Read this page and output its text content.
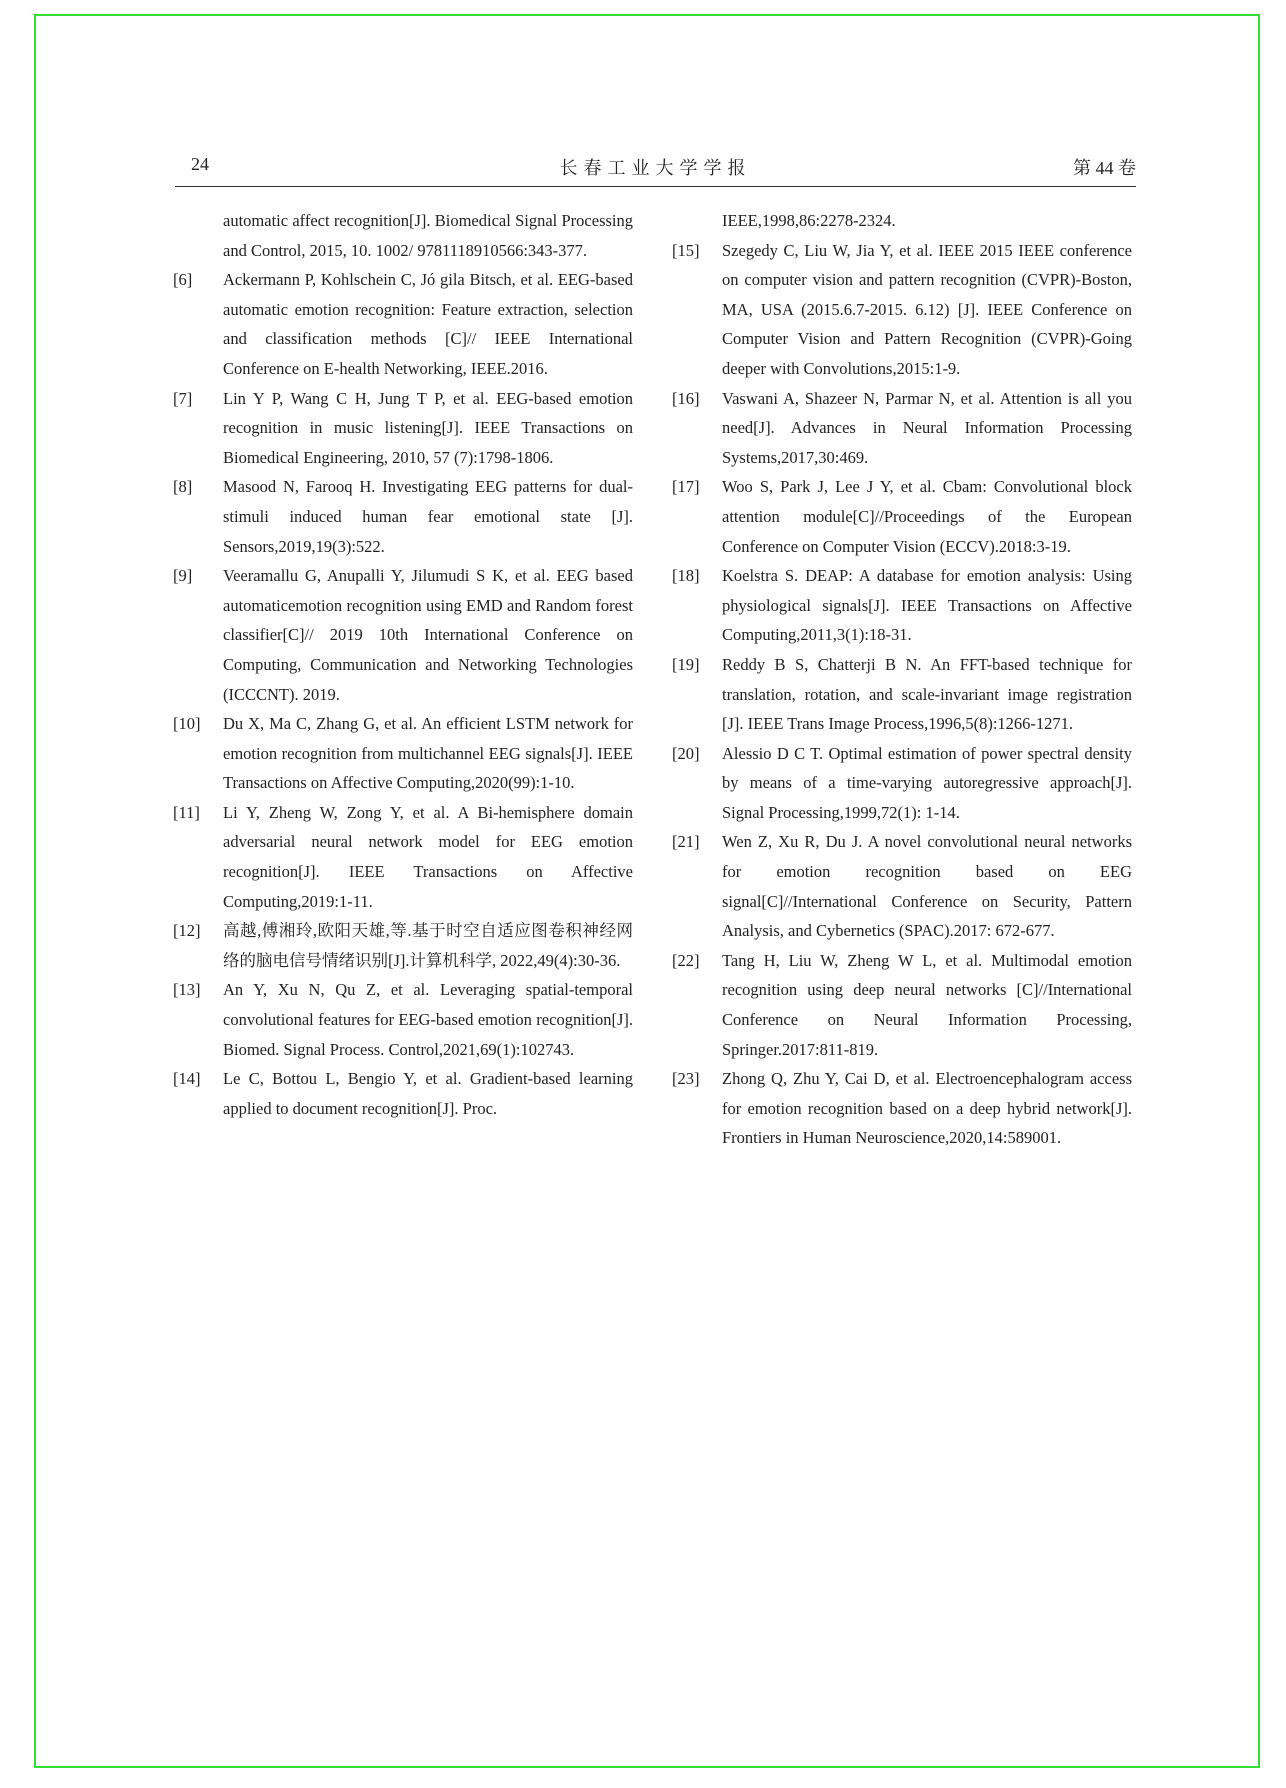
24	长春工业大学学报	第 44 卷

automatic affect recognition[J]. Biomedical Signal Processing and Control, 2015, 10. 1002/ 9781118910566:343-377.

[6] Ackermann P, Kohlschein C, Jó gila Bitsch, et al. EEG-based automatic emotion recognition: Feature extraction, selection and classification methods [C]// IEEE International Conference on E-health Networking, IEEE.2016.

[7] Lin Y P, Wang C H, Jung T P, et al. EEG-based emotion recognition in music listening[J]. IEEE Transactions on Biomedical Engineering, 2010, 57 (7):1798-1806.

[8] Masood N, Farooq H. Investigating EEG patterns for dual-stimuli induced human fear emotional state [J]. Sensors,2019,19(3):522.

[9] Veeramallu G, Anupalli Y, Jilumudi S K, et al. EEG based automaticemotion recognition using EMD and Random forest classifier[C]// 2019 10th International Conference on Computing, Communication and Networking Technologies (ICCCNT). 2019.

[10] Du X, Ma C, Zhang G, et al. An efficient LSTM network for emotion recognition from multichannel EEG signals[J]. IEEE Transactions on Affective Computing,2020(99):1-10.

[11] Li Y, Zheng W, Zong Y, et al. A Bi-hemisphere domain adversarial neural network model for EEG emotion recognition[J]. IEEE Transactions on Affective Computing,2019:1-11.

[12] 高越,傅湘玲,欧阳天雄,等.基于时空自适应图卷积神经网络的脑电信号情绪识别[J].计算机科学, 2022,49(4):30-36.

[13] An Y, Xu N, Qu Z, et al. Leveraging spatial-temporal convolutional features for EEG-based emotion recognition[J]. Biomed. Signal Process. Control,2021,69(1):102743.

[14] Le C, Bottou L, Bengio Y, et al. Gradient-based learning applied to document recognition[J]. Proc.

IEEE,1998,86:2278-2324.

[15] Szegedy C, Liu W, Jia Y, et al. IEEE 2015 IEEE conference on computer vision and pattern recognition (CVPR)-Boston, MA, USA (2015.6.7-2015. 6.12) [J]. IEEE Conference on Computer Vision and Pattern Recognition (CVPR)-Going deeper with Convolutions,2015:1-9.

[16] Vaswani A, Shazeer N, Parmar N, et al. Attention is all you need[J]. Advances in Neural Information Processing Systems,2017,30:469.

[17] Woo S, Park J, Lee J Y, et al. Cbam: Convolutional block attention module[C]//Proceedings of the European Conference on Computer Vision (ECCV).2018:3-19.

[18] Koelstra S. DEAP: A database for emotion analysis: Using physiological signals[J]. IEEE Transactions on Affective Computing,2011,3(1):18-31.

[19] Reddy B S, Chatterji B N. An FFT-based technique for translation, rotation, and scale-invariant image registration [J]. IEEE Trans Image Process,1996,5(8):1266-1271.

[20] Alessio D C T. Optimal estimation of power spectral density by means of a time-varying autoregressive approach[J]. Signal Processing,1999,72(1): 1-14.

[21] Wen Z, Xu R, Du J. A novel convolutional neural networks for emotion recognition based on EEG signal[C]//International Conference on Security, Pattern Analysis, and Cybernetics (SPAC).2017: 672-677.

[22] Tang H, Liu W, Zheng W L, et al. Multimodal emotion recognition using deep neural networks [C]//International Conference on Neural Information Processing, Springer.2017:811-819.

[23] Zhong Q, Zhu Y, Cai D, et al. Electroencephalogram access for emotion recognition based on a deep hybrid network[J]. Frontiers in Human Neuroscience,2020,14:589001.
